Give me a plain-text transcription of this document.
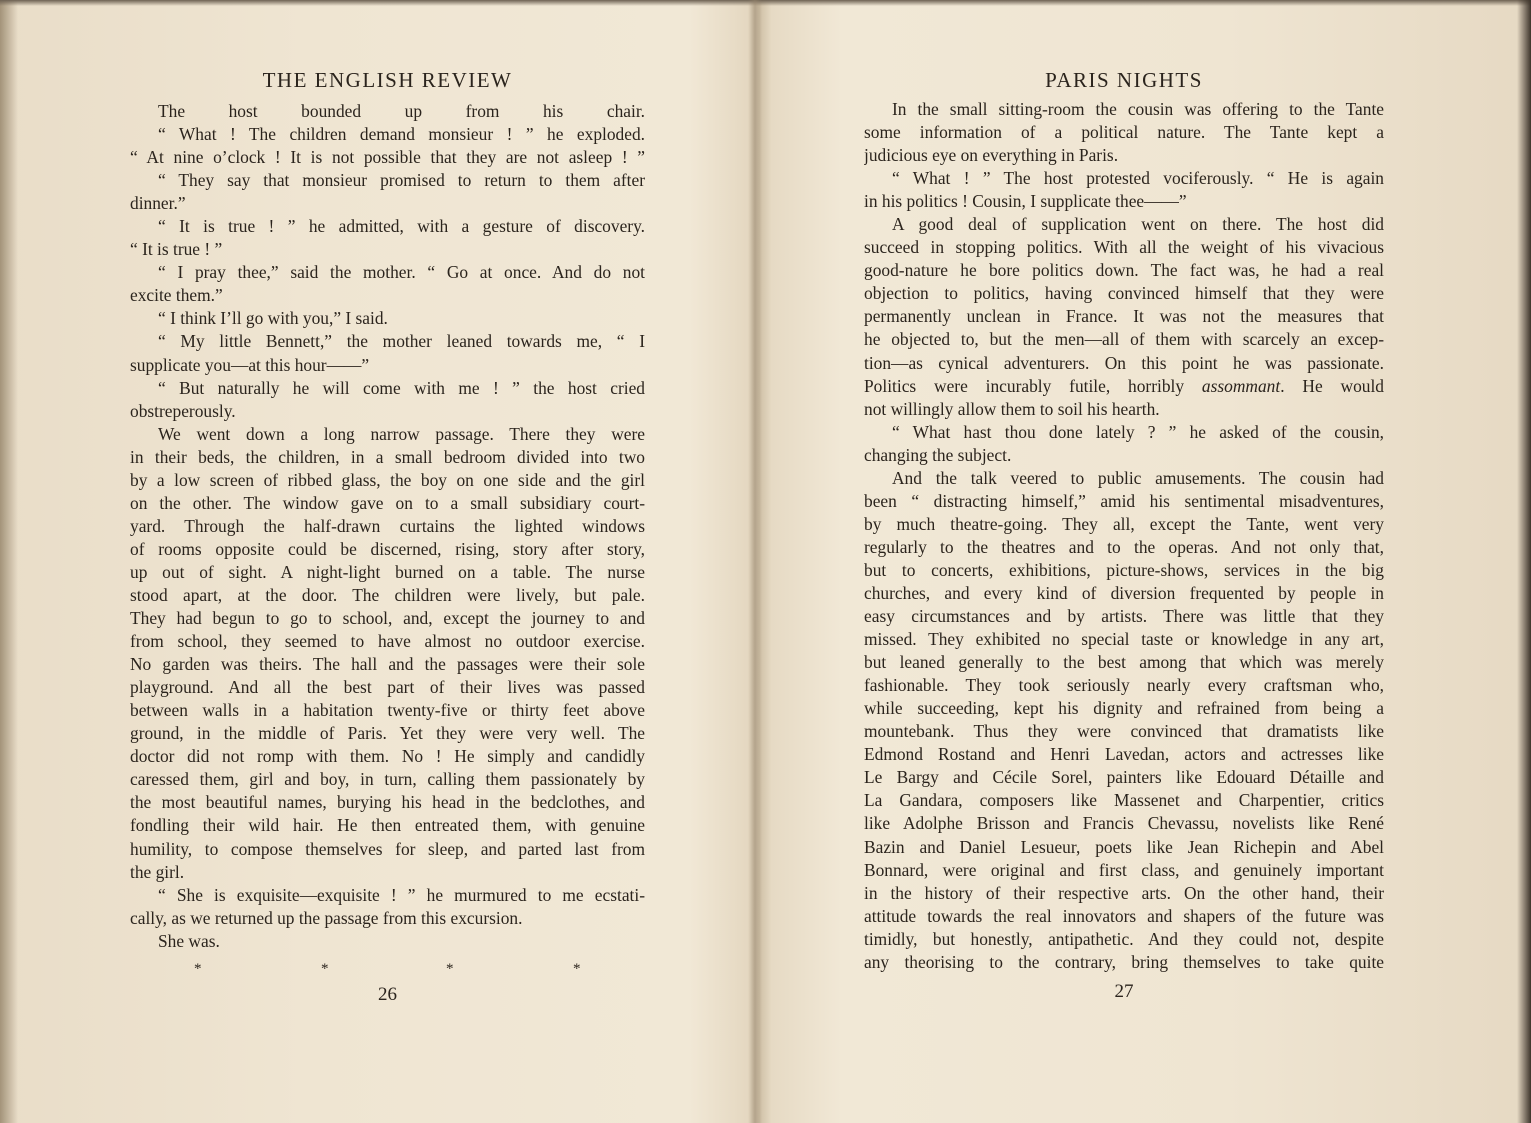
THE ENGLISH REVIEW
The host bounded up from his chair.
“ What ! The children demand monsieur ! ” he exploded.
“ At nine o’clock ! It is not possible that they are not asleep ! ”
“ They say that monsieur promised to return to them after
dinner.”
“ It is true ! ” he admitted, with a gesture of discovery.
“ It is true ! ”
“ I pray thee,” said the mother. “ Go at once. And do not
excite them.”
“ I think I’ll go with you,” I said.
“ My little Bennett,” the mother leaned towards me, “ I
supplicate you—at this hour——”
“ But naturally he will come with me ! ” the host cried
obstreperously.
We went down a long narrow passage. There they were
in their beds, the children, in a small bedroom divided into two
by a low screen of ribbed glass, the boy on one side and the girl
on the other. The window gave on to a small subsidiary court-
yard. Through the half-drawn curtains the lighted windows
of rooms opposite could be discerned, rising, story after story,
up out of sight. A night-light burned on a table. The nurse
stood apart, at the door. The children were lively, but pale.
They had begun to go to school, and, except the journey to and
from school, they seemed to have almost no outdoor exercise.
No garden was theirs. The hall and the passages were their sole
playground. And all the best part of their lives was passed
between walls in a habitation twenty-five or thirty feet above
ground, in the middle of Paris. Yet they were very well. The
doctor did not romp with them. No ! He simply and candidly
caressed them, girl and boy, in turn, calling them passionately by
the most beautiful names, burying his head in the bedclothes, and
fondling their wild hair. He then entreated them, with genuine
humility, to compose themselves for sleep, and parted last from
the girl.
“ She is exquisite—exquisite ! ” he murmured to me ecstati-
cally, as we returned up the passage from this excursion.
She was.
*	*	*	*
26
PARIS NIGHTS
In the small sitting-room the cousin was offering to the Tante
some information of a political nature. The Tante kept a
judicious eye on everything in Paris.
“ What ! ” The host protested vociferously. “ He is again
in his politics ! Cousin, I supplicate thee——”
A good deal of supplication went on there. The host did
succeed in stopping politics. With all the weight of his vivacious
good-nature he bore politics down. The fact was, he had a real
objection to politics, having convinced himself that they were
permanently unclean in France. It was not the measures that
he objected to, but the men—all of them with scarcely an excep-
tion—as cynical adventurers. On this point he was passionate.
Politics were incurably futile, horribly assommant. He would
not willingly allow them to soil his hearth.
“ What hast thou done lately ? ” he asked of the cousin,
changing the subject.
And the talk veered to public amusements. The cousin had
been “ distracting himself,” amid his sentimental misadventures,
by much theatre-going. They all, except the Tante, went very
regularly to the theatres and to the operas. And not only that,
but to concerts, exhibitions, picture-shows, services in the big
churches, and every kind of diversion frequented by people in
easy circumstances and by artists. There was little that they
missed. They exhibited no special taste or knowledge in any art,
but leaned generally to the best among that which was merely
fashionable. They took seriously nearly every craftsman who,
while succeeding, kept his dignity and refrained from being a
mountebank. Thus they were convinced that dramatists like
Edmond Rostand and Henri Lavedan, actors and actresses like
Le Bargy and Cécile Sorel, painters like Edouard Détaille and
La Gandara, composers like Massenet and Charpentier, critics
like Adolphe Brisson and Francis Chevassu, novelists like René
Bazin and Daniel Lesueur, poets like Jean Richepin and Abel
Bonnard, were original and first class, and genuinely important
in the history of their respective arts. On the other hand, their
attitude towards the real innovators and shapers of the future was
timidly, but honestly, antipathetic. And they could not, despite
any theorising to the contrary, bring themselves to take quite
27
